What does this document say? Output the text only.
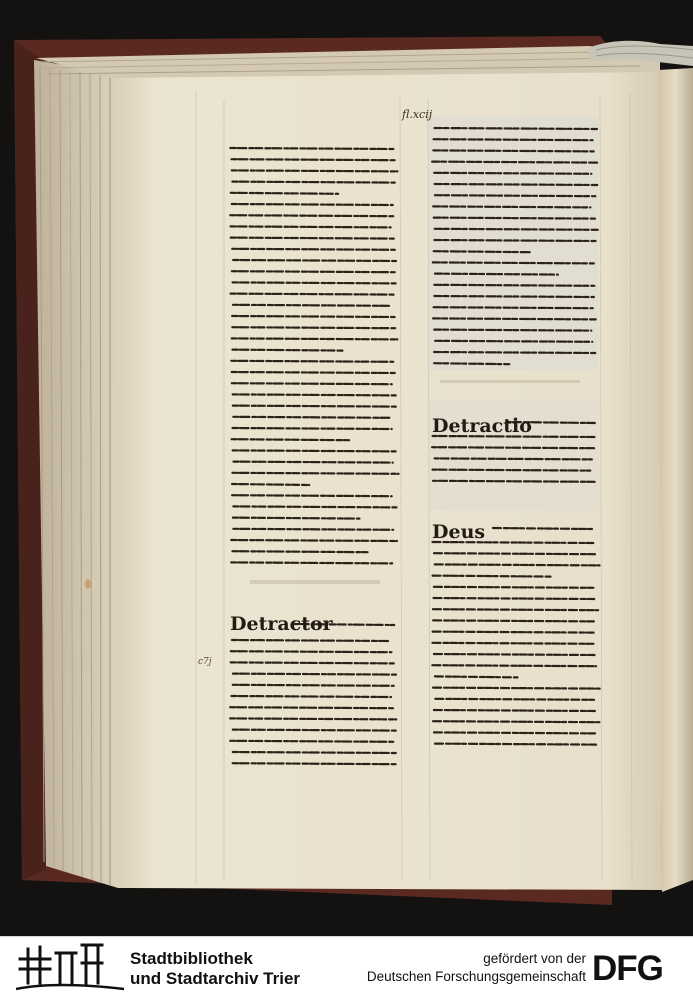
fl.xcij
Detractor
Detractio
Deus
c7j
Stadtbibliothek
und Stadtarchiv Trier
gefördert von der
Deutschen Forschungsgemeinschaft DFG
